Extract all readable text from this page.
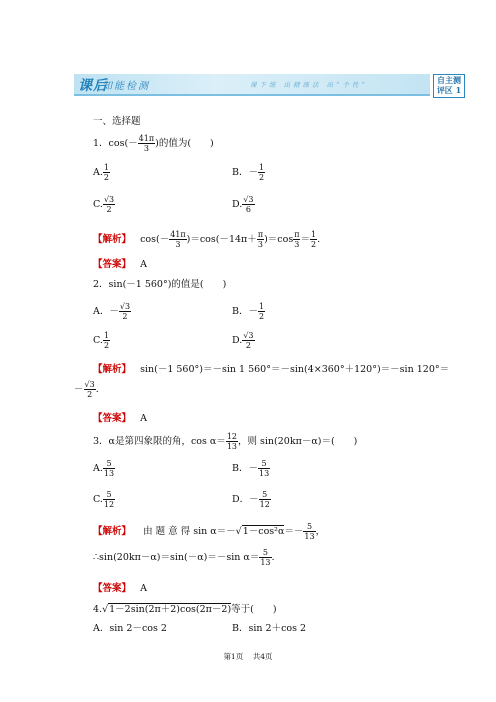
课后
知能检测	课下练 出精练法 出“个性”	自主测
评区 1
一、选择题
1．$\cos(- \frac{41\pi}{3}$ )的值为(　　)
A. $\frac{1}{2}$	B．－ $\frac{1}{2}$
C. $\frac{√3}{2}$	D. $\frac{√3}{6}$
【解析】 $\cos(- \frac{41\pi}{3} )=\cos(-14\pi+ \frac{\pi}{3} )=\cos \frac{\pi}{3} = \frac{1}{2}$ .
【答案】 A
2．sin(－1 560°)的值是(　　)
A．－ $\frac{√3}{2}$	B．－ $\frac{1}{2}$
C. $\frac{1}{2}$	D. $\frac{√3}{2}$
【解析】 sin(－1 560°)＝－sin 1 560°＝－sin(4×360°＋120°)＝－sin 120°＝
－ $\frac{√3}{2}$ .
【答案】 A
3．α是第四象限的角，$\cos \alpha= \frac{12}{13}$ ，则 sin(20kπ－α)＝(　　)
A. $\frac{5}{13}$	B．－ $\frac{5}{13}$
C. $\frac{5}{12}$	D．－ $\frac{5}{12}$
【解析】 由 题 意 得 $\sin \alpha=-√1-\cos^2\alpha=- \frac{5}{13}$ ，
∴sin(20kπ－α)＝sin(－α)＝－sin $\alpha= \frac{5}{13}$ .
【答案】 A
4.√1－2sin(2π＋2)cos(2π－2)等于(　　)
A．sin 2－cos 2	B．sin 2＋cos 2
第1页 共4页
